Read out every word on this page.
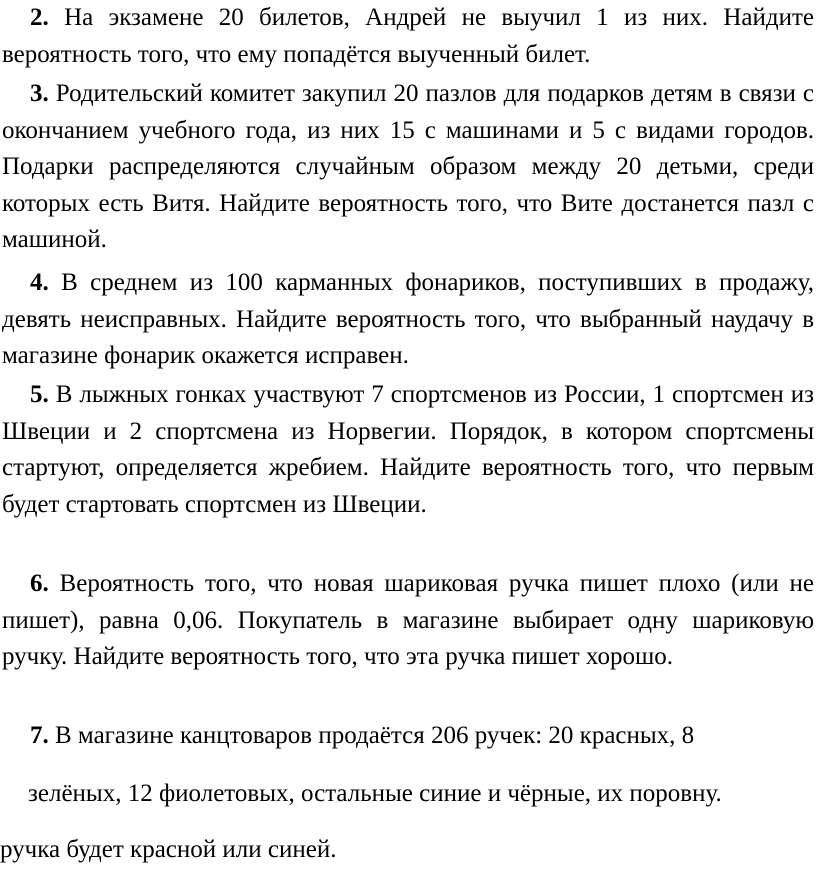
2. На экзамене 20 билетов, Андрей не выучил 1 из них. Найдите вероятность того, что ему попадётся выученный билет.

3. Родительский комитет закупил 20 пазлов для подарков детям в связи с окончанием учебного года, из них 15 с машинами и 5 с видами городов. Подарки распределяются случайным образом между 20 детьми, среди которых есть Витя. Найдите вероятность того, что Вите достанется пазл с машиной.

4. В среднем из 100 карманных фонариков, поступивших в продажу, девять неисправных. Найдите вероятность того, что выбранный наудачу в магазине фонарик окажется исправен.

5. В лыжных гонках участвуют 7 спортсменов из России, 1 спортсмен из Швеции и 2 спортсмена из Норвегии. Порядок, в котором спортсмены стартуют, определяется жребием. Найдите вероятность того, что первым будет стартовать спортсмен из Швеции.

6. Вероятность того, что новая шариковая ручка пишет плохо (или не пишет), равна 0,06. Покупатель в магазине выбирает одну шариковую ручку. Найдите вероятность того, что эта ручка пишет хорошо.

7. В магазине канцтоваров продаётся 206 ручек: 20 красных, 8
зелёных, 12 фиолетовых, остальные синие и чёрные, их поровну.
ручка будет красной или синей.
